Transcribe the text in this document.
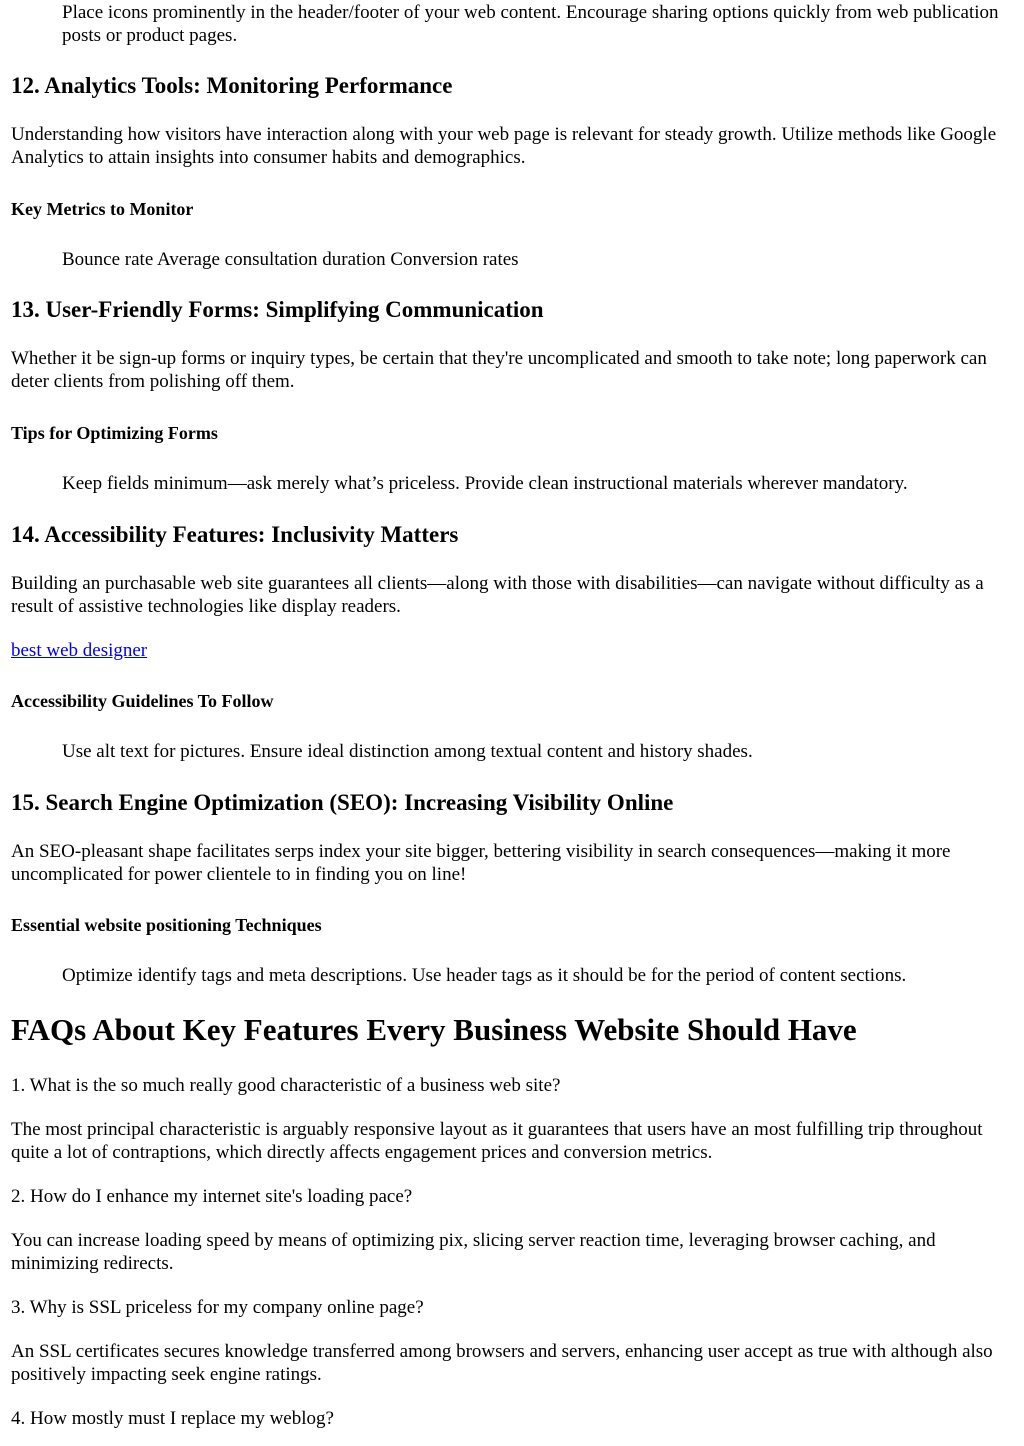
Place icons prominently in the header/footer of your web content. Encourage sharing options quickly from web publication posts or product pages.

12. Analytics Tools: Monitoring Performance

Understanding how visitors have interaction along with your web page is relevant for steady growth. Utilize methods like Google Analytics to attain insights into consumer habits and demographics.

Key Metrics to Monitor

Bounce rate Average consultation duration Conversion rates

13. User-Friendly Forms: Simplifying Communication

Whether it be sign-up forms or inquiry types, be certain that they're uncomplicated and smooth to take note; long paperwork can deter clients from polishing off them.

Tips for Optimizing Forms

Keep fields minimum—ask merely what’s priceless. Provide clean instructional materials wherever mandatory.

14. Accessibility Features: Inclusivity Matters

Building an purchasable web site guarantees all clients—along with those with disabilities—can navigate without difficulty as a result of assistive technologies like display readers.

best web designer
Accessibility Guidelines To Follow

Use alt text for pictures. Ensure ideal distinction among textual content and history shades.

15. Search Engine Optimization (SEO): Increasing Visibility Online

An SEO-pleasant shape facilitates serps index your site bigger, bettering visibility in search consequences—making it more uncomplicated for power clientele to in finding you on line!

Essential website positioning Techniques

Optimize identify tags and meta descriptions. Use header tags as it should be for the period of content sections.

FAQs About Key Features Every Business Website Should Have

1. What is the so much really good characteristic of a business web site?

The most principal characteristic is arguably responsive layout as it guarantees that users have an most fulfilling trip throughout quite a lot of contraptions, which directly affects engagement prices and conversion metrics.

2. How do I enhance my internet site's loading pace?

You can increase loading speed by means of optimizing pix, slicing server reaction time, leveraging browser caching, and minimizing redirects.

3. Why is SSL priceless for my company online page?

An SSL certificates secures knowledge transferred among browsers and servers, enhancing user accept as true with although also positively impacting seek engine ratings.

4. How mostly must I replace my weblog?
